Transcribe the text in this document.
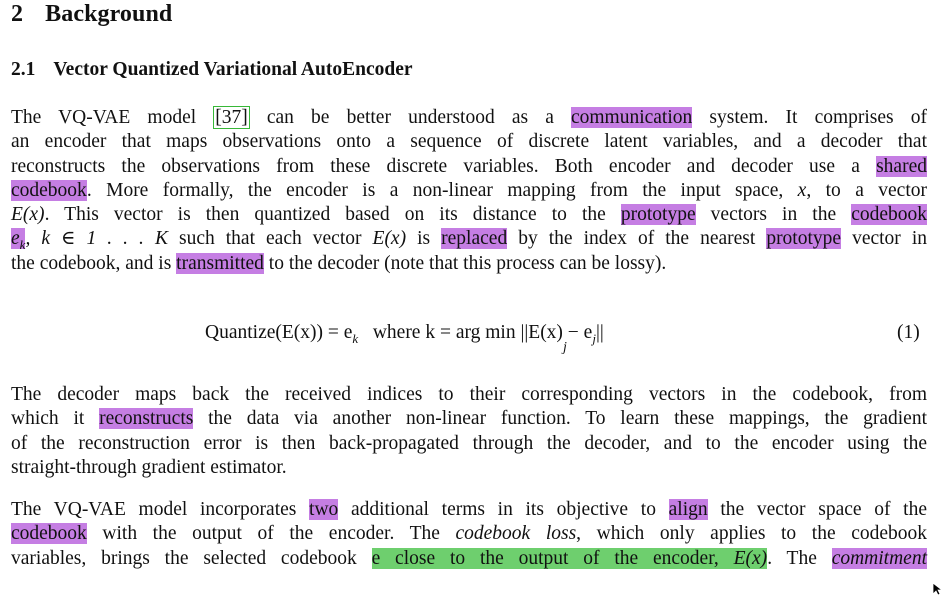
2 Background
2.1 Vector Quantized Variational AutoEncoder
The VQ-VAE model [37] can be better understood as a communication system. It comprises of
an encoder that maps observations onto a sequence of discrete latent variables, and a decoder that
reconstructs the observations from these discrete variables. Both encoder and decoder use a shared
codebook. More formally, the encoder is a non-linear mapping from the input space, x, to a vector
E(x). This vector is then quantized based on its distance to the prototype vectors in the codebook
$e_k$, k ∈ 1 . . . K such that each vector E(x) is replaced by the index of the nearest prototype vector in
the codebook, and is transmitted to the decoder (note that this process can be lossy).
Quantize(E(x)) = $e_k$ where k = arg $\min ||E(x) - e_j||$
j
(1)
The decoder maps back the received indices to their corresponding vectors in the codebook, from
which it reconstructs the data via another non-linear function. To learn these mappings, the gradient
of the reconstruction error is then back-propagated through the decoder, and to the encoder using the
straight-through gradient estimator.
The VQ-VAE model incorporates two additional terms in its objective to align the vector space of the
codebook with the output of the encoder. The codebook loss, which only applies to the codebook
variables, brings the selected codebook e close to the output of the encoder, E(x). The commitment
